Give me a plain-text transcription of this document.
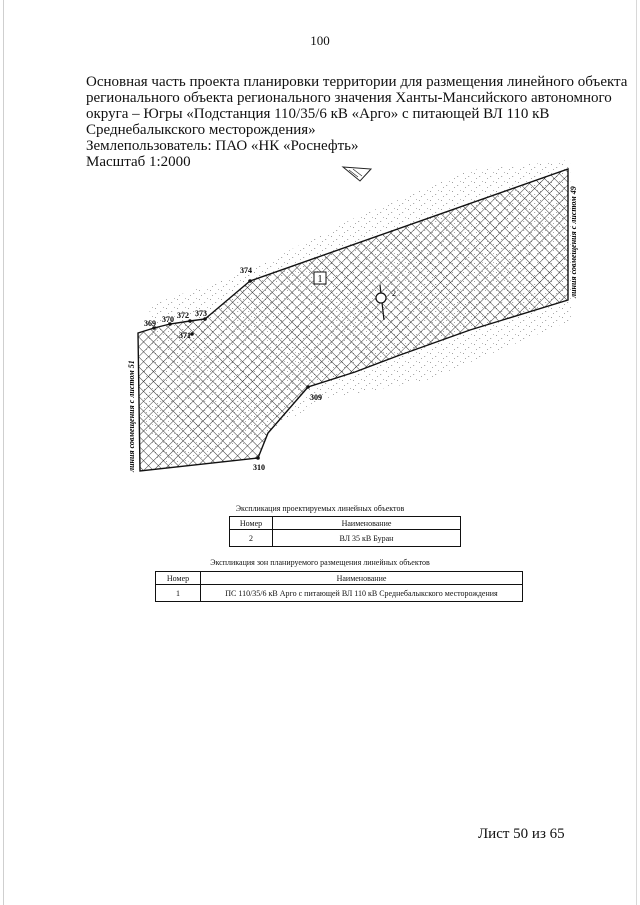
100
Основная часть проекта планировки территории для размещения линейного объекта
регионального объекта регионального значения Ханты-Мансийского автономного
округа – Югры «Подстанция 110/35/6 кВ «Арго» с питающей ВЛ 110 кВ
Среднебалыкского месторождения»
Землепользователь: ПАО «НК «Роснефть»
Масштаб 1:2000
1
2
369 370 372 373
371
374
309
310
линия совмещения с листом 51
линия совмещения с листом 49
Экспликация проектируемых линейных объектов
Номер	Наименование
2	ВЛ 35 кВ Буран
Экспликация зон планируемого размещения линейных объектов
Номер	Наименование
1	ПС 110/35/6 кВ Арго с питающей ВЛ 110 кВ Среднебалыкского месторождения
Лист 50 из 65
